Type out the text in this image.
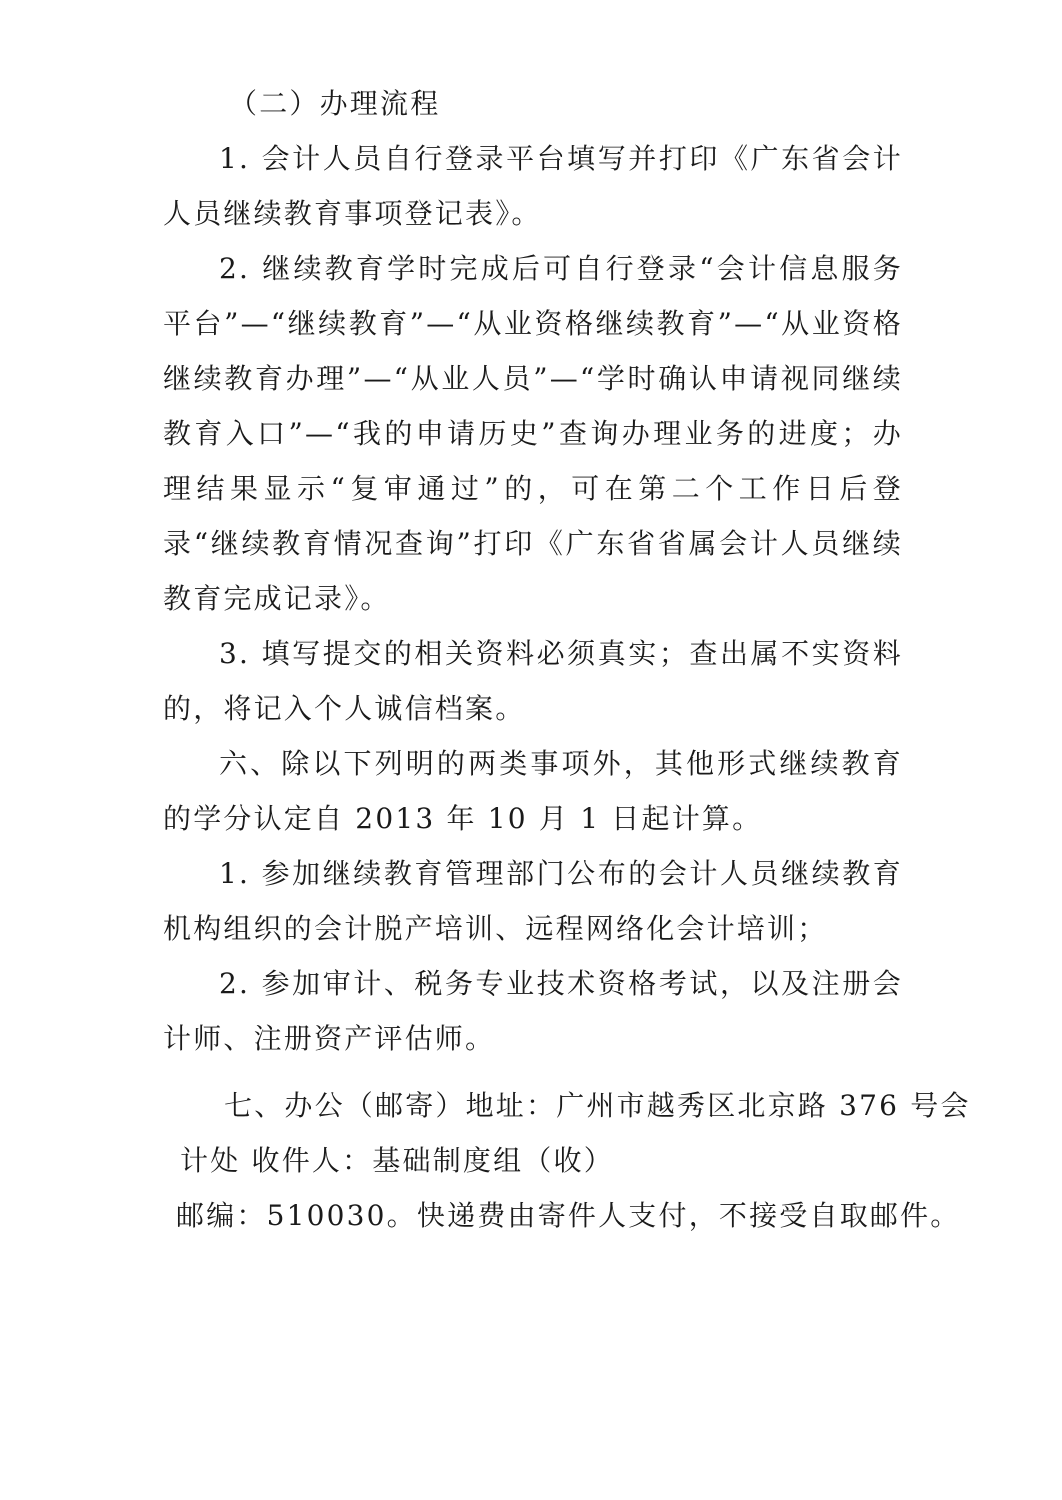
（二）办理流程

1. 会计人员自行登录平台填写并打印《广东省会计人员继续教育事项登记表》。

2. 继续教育学时完成后可自行登录“会计信息服务平台”—“继续教育”—“从业资格继续教育”—“从业资格继续教育办理”—“从业人员”—“学时确认申请视同继续教育入口”—“我的申请历史”查询办理业务的进度；办理结果显示“复审通过”的，可在第二个工作日后登录“继续教育情况查询”打印《广东省省属会计人员继续教育完成记录》。

3. 填写提交的相关资料必须真实；查出属不实资料的，将记入个人诚信档案。

六、除以下列明的两类事项外，其他形式继续教育的学分认定自 2013 年 10 月 1 日起计算。

1. 参加继续教育管理部门公布的会计人员继续教育机构组织的会计脱产培训、远程网络化会计培训；

2. 参加审计、税务专业技术资格考试，以及注册会计师、注册资产评估师。

七、办公（邮寄）地址：广州市越秀区北京路 376 号会

计处 收件人：基础制度组（收）

邮编：510030。快递费由寄件人支付，不接受自取邮件。
